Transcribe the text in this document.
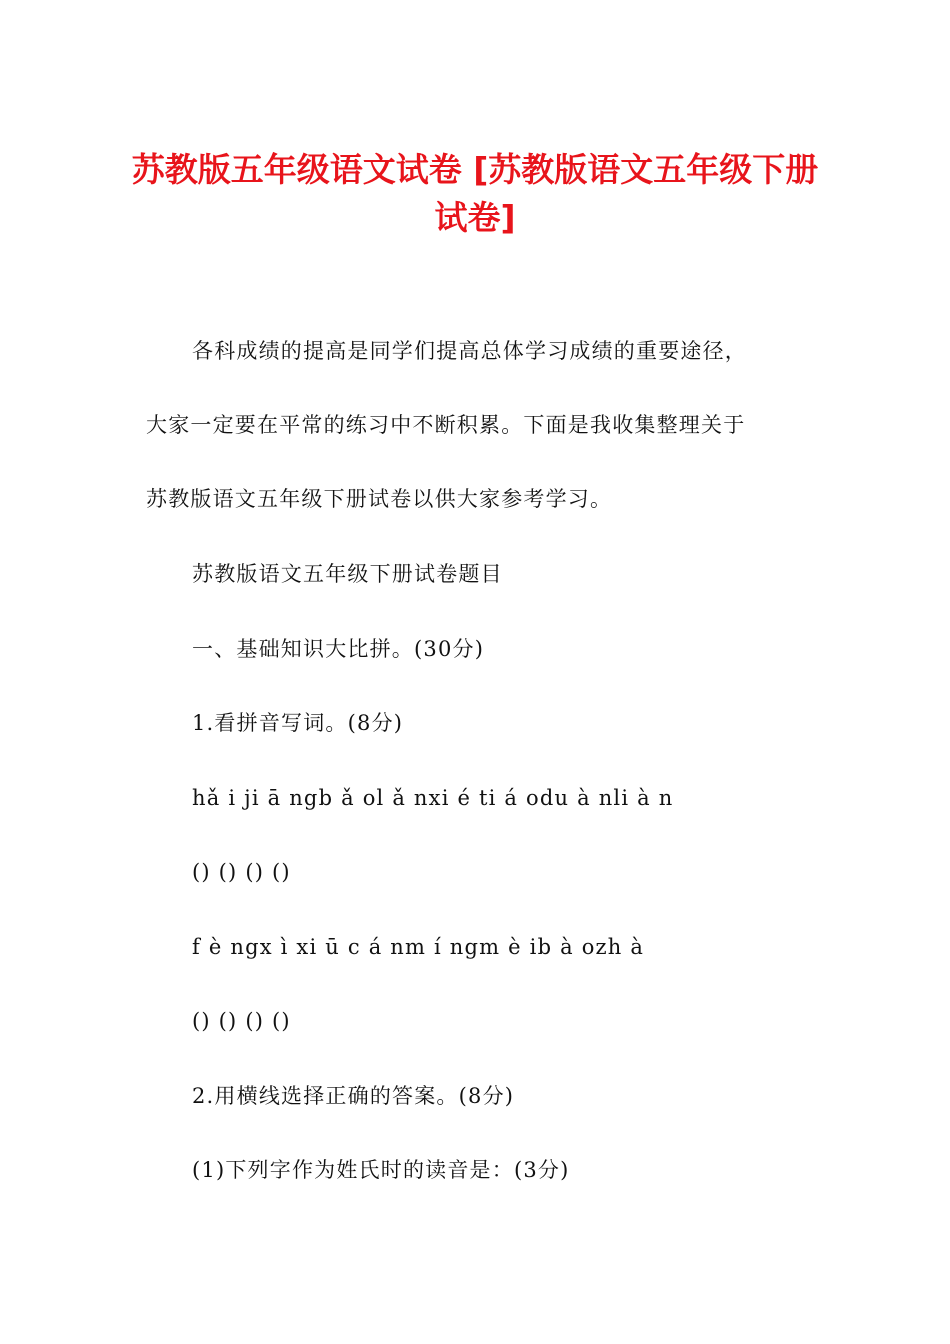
苏教版五年级语文试卷 [苏教版语文五年级下册试卷]
各科成绩的提高是同学们提高总体学习成绩的重要途径，
大家一定要在平常的练习中不断积累。下面是我收集整理关于
苏教版语文五年级下册试卷以供大家参考学习。
苏教版语文五年级下册试卷题目
一、基础知识大比拼。(30分)
1.看拼音写词。(8分)
hǎ i ji ā ngb ǎ ol ǎ nxi é ti á odu à nli à n
() () () ()
f è ngx ì xi ū c á nm í ngm è ib à ozh à
() () () ()
2.用横线选择正确的答案。(8分)
(1)下列字作为姓氏时的读音是：(3分)
